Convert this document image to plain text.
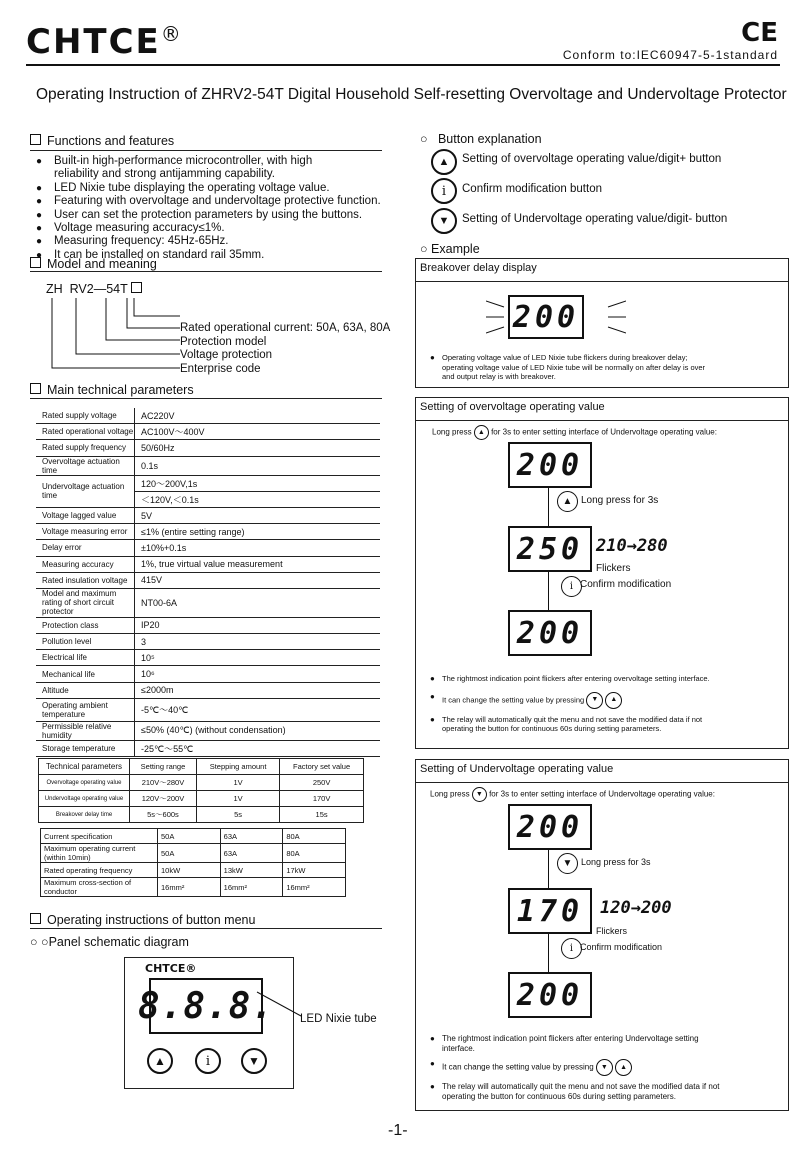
CHTCE®	CE
Conform to:IEC60947-5-1standard
Operating Instruction of ZHRV2-54T Digital Household Self-resetting Overvoltage and Undervoltage Protector
Functions and features
● Built-in high-performance microcontroller, with high
reliability and strong antijamming capability.
● LED Nixie tube displaying the operating voltage value.
● Featuring with overvoltage and undervoltage protective function.
● User can set the protection parameters by using the buttons.
● Voltage measuring accuracy≤1%.
● Measuring frequency: 45Hz-65Hz.
● It can be installed on standard rail 35mm.
Model and meaning
ZH RV2—54T
Rated operational current: 50A, 63A, 80A
Protection model
Voltage protection
Enterprise code
Main technical parameters
Rated supply voltage	AC220V
Rated operational voltage	AC100V～400V
Rated supply frequency	50/60Hz
Overvoltage actuation time	0.1s
Undervoltage actuation time	120～200V,1s
	＜120V,＜0.1s
Voltage lagged value	5V
Voltage measuring error	≤1% (entire setting range)
Delay error	±10%+0.1s
Measuring accuracy	1%, true virtual value measurement
Rated insulation voltage	415V
Model and maximum rating of short circuit protector	NT00-6A
Protection class	IP20
Pollution level	3
Electrical life	10⁵
Mechanical life	10⁶
Altitude	≤2000m
Operating ambient temperature	-5℃～40℃
Permissible relative humidity	≤50% (40℃) (without condensation)
Storage temperature	-25℃～55℃
Technical parameters	Setting range	Stepping amount	Factory set value
Overvoltage operating value	210V～280V	1V	250V
Undervoltage operating value	120V～200V	1V	170V
Breakover delay time	5s～600s	5s	15s
Current specification	50A	63A	80A
Maximum operating current (within 10min)	50A	63A	80A
Rated operating frequency	10kW	13kW	17kW
Maximum cross-section of conductor	16mm²	16mm²	16mm²
Operating instructions of button menu
○ ○Panel schematic diagram
CHTCE®
8.8.8.
▲	i	▼
LED Nixie tube
○   Button explanation
▲	Setting of overvoltage operating value/digit+ button
i	Confirm modification button
▼	Setting of Undervoltage operating value/digit- button
○ Example
Breakover delay display
200
● Operating voltage value of LED Nixie tube flickers during breakover delay; operating voltage value of LED Nixie tube will be normally on after delay is over and output relay is with breakover.
Setting of overvoltage operating value
Long press ▲ for 3s to enter setting interface of Undervoltage operating value:
200
▲ Long press for 3s
250 210→280
Flickers
i Confirm modification
200
● The rightmost indication point flickers after entering overvoltage setting interface.
● It can change the setting value by pressing ▼ ▲
● The relay will automatically quit the menu and not save the modified data if not operating the button for continuous 60s during setting parameters.
Setting of Undervoltage operating value
Long press ▼ for 3s to enter setting interface of Undervoltage operating value:
200
▼ Long press for 3s
170 120→200
Flickers
i Confirm modification
200
● The rightmost indication point flickers after entering Undervoltage setting interface.
● It can change the setting value by pressing ▼ ▲
● The relay will automatically quit the menu and not save the modified data if not operating the button for continuous 60s during setting parameters.
-1-
